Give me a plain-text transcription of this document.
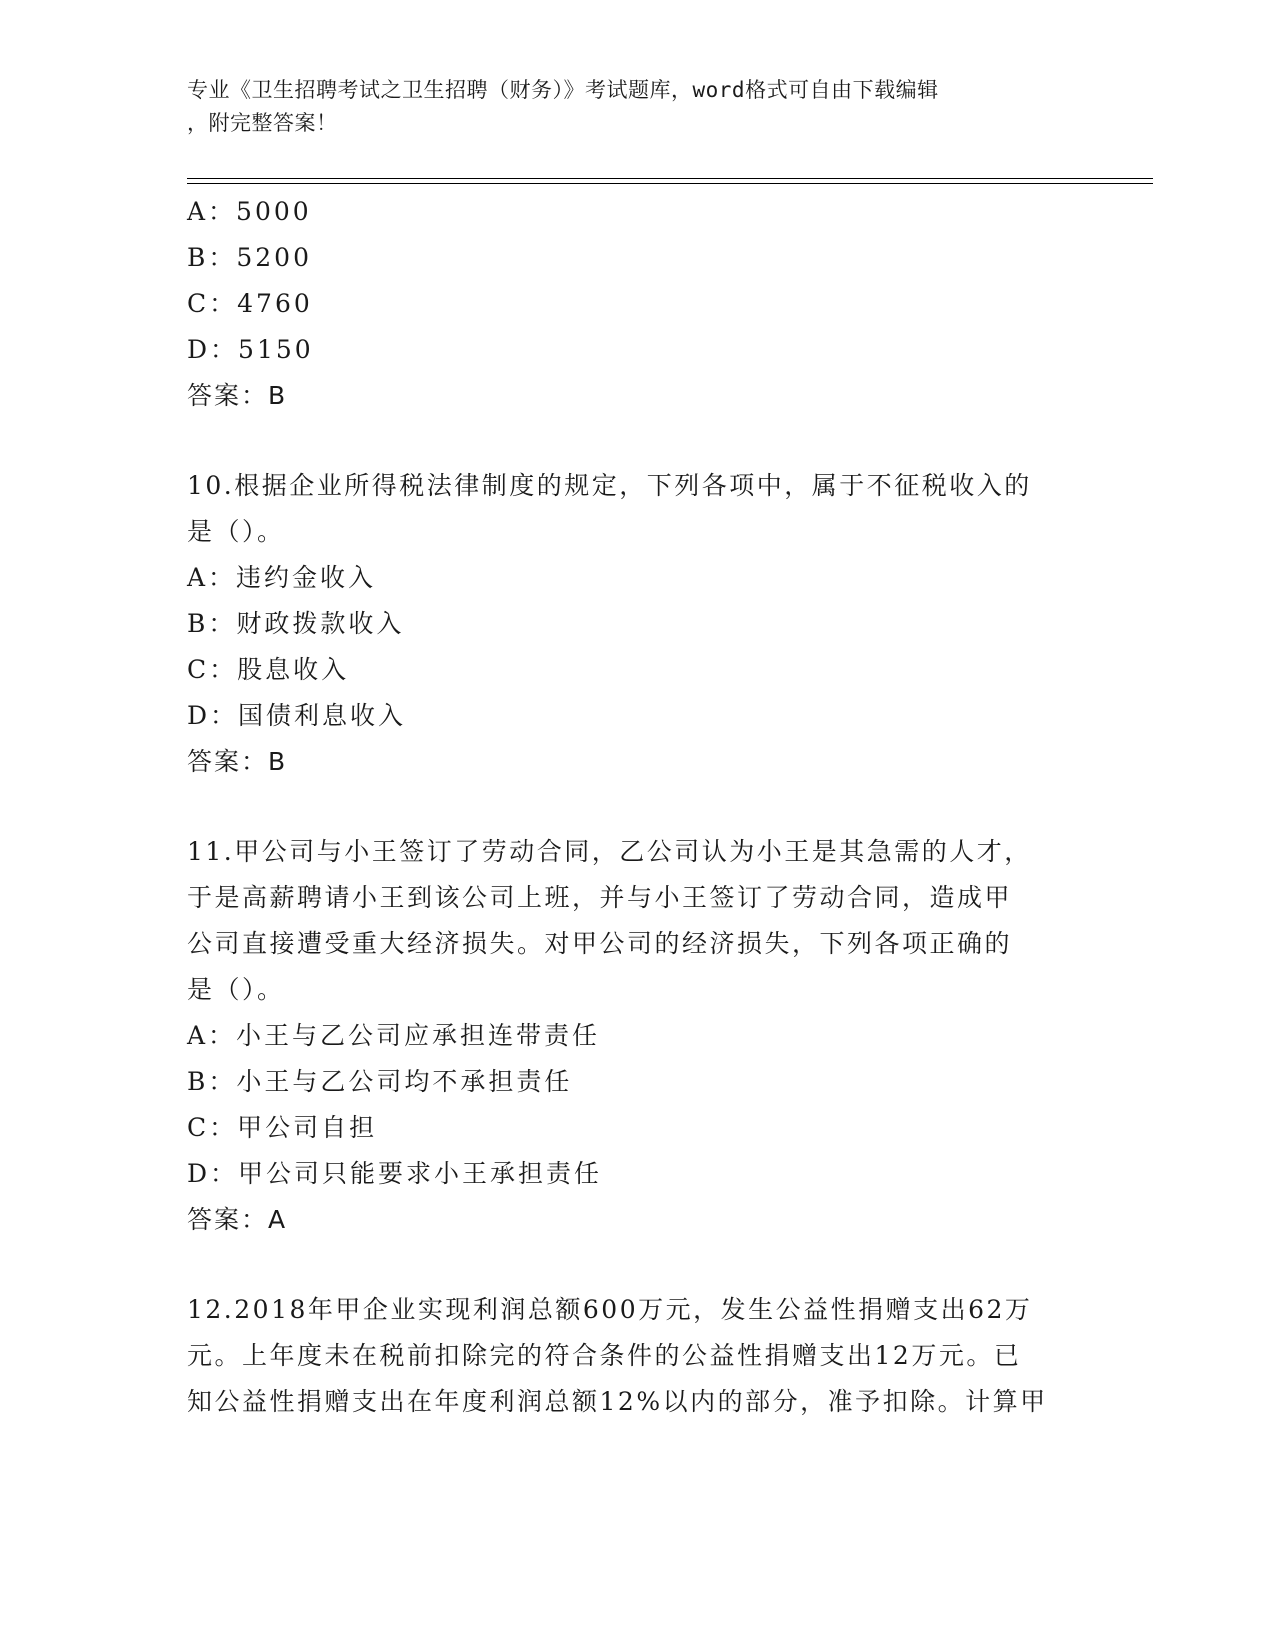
专业《卫生招聘考试之卫生招聘（财务）》考试题库，word格式可自由下载编辑
，附完整答案！
A：5000
B：5200
C：4760
D：5150
答案：B
10.根据企业所得税法律制度的规定，下列各项中，属于不征税收入的
是（）。
A：违约金收入
B：财政拨款收入
C：股息收入
D：国债利息收入
答案：B
11.甲公司与小王签订了劳动合同，乙公司认为小王是其急需的人才，
于是高薪聘请小王到该公司上班，并与小王签订了劳动合同，造成甲
公司直接遭受重大经济损失。对甲公司的经济损失，下列各项正确的
是（）。
A：小王与乙公司应承担连带责任
B：小王与乙公司均不承担责任
C：甲公司自担
D：甲公司只能要求小王承担责任
答案：A
12.2018年甲企业实现利润总额600万元，发生公益性捐赠支出62万
元。上年度未在税前扣除完的符合条件的公益性捐赠支出12万元。已
知公益性捐赠支出在年度利润总额12%以内的部分，准予扣除。计算甲
